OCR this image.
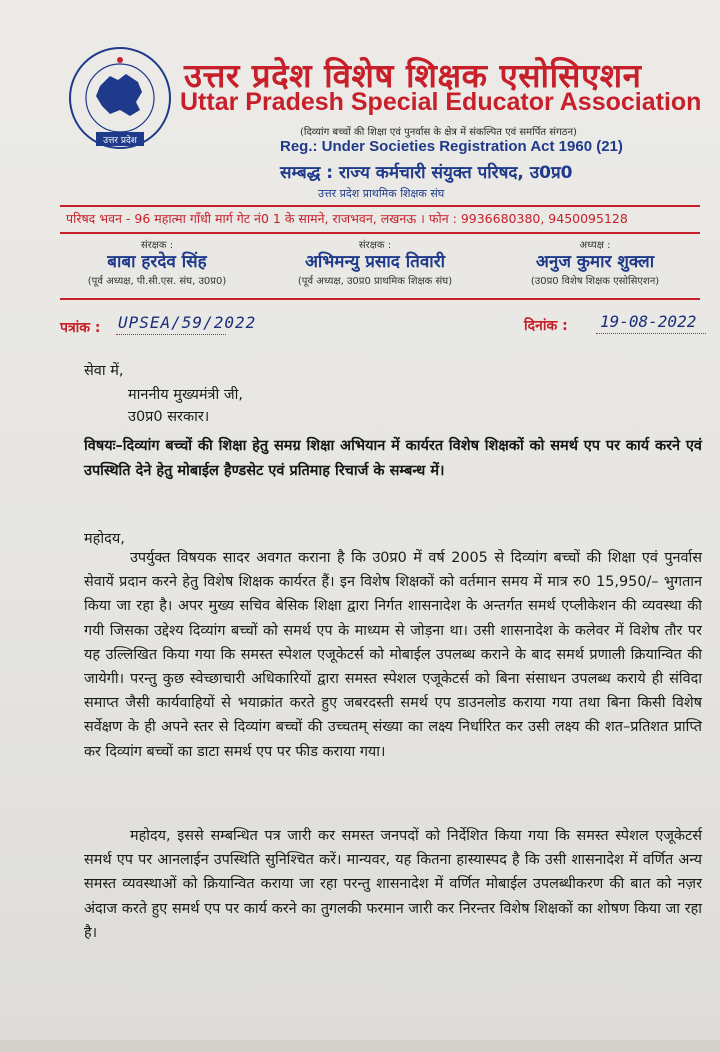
उत्तर प्रदेश
उत्तर प्रदेश विशेष शिक्षक एसोसिएशन
Uttar Pradesh Special Educator Association
(दिव्यांग बच्चों की शिक्षा एवं पुनर्वास के क्षेत्र में संकल्पित एवं समर्पित संगठन)
Reg.: Under Societies Registration Act 1960 (21)
सम्बद्ध : राज्य कर्मचारी संयुक्त परिषद, उ0प्र0
उत्तर प्रदेश प्राथमिक शिक्षक संघ
परिषद भवन - 96 महात्मा गाँधी मार्ग गेट नं0 1 के सामने, राजभवन, लखनऊ । फोन : 9936680380, 9450095128
संरक्षक :
बाबा हरदेव सिंह
(पूर्व अध्यक्ष, पी.सी.एस. संघ, उ0प्र0)
संरक्षक :
अभिमन्यु प्रसाद तिवारी
(पूर्व अध्यक्ष, उ0प्र0 प्राथमिक शिक्षक संघ)
अध्यक्ष :
अनुज कुमार शुक्ला
(उ0प्र0 विशेष शिक्षक एसोसिएशन)
पत्रांक : UPSEA/59/2022	दिनांक : 19-08-2022
सेवा में,
माननीय मुख्यमंत्री जी,
उ0प्र0 सरकार।
विषयः–दिव्यांग बच्चों की शिक्षा हेतु समग्र शिक्षा अभियान में कार्यरत विशेष शिक्षकों को समर्थ एप पर कार्य करने एवं उपस्थिति देने हेतु मोबाईल हैण्डसेट एवं प्रतिमाह रिचार्ज के सम्बन्ध में।
महोदय,
उपर्युक्त विषयक सादर अवगत कराना है कि उ0प्र0 में वर्ष 2005 से दिव्यांग बच्चों की शिक्षा एवं पुनर्वास सेवायें प्रदान करने हेतु विशेष शिक्षक कार्यरत हैं। इन विशेष शिक्षकों को वर्तमान समय में मात्र रु0 15,950/– भुगतान किया जा रहा है। अपर मुख्य सचिव बेसिक शिक्षा द्वारा निर्गत शासनादेश के अन्तर्गत समर्थ एप्लीकेशन की व्यवस्था की गयी जिसका उद्देश्य दिव्यांग बच्चों को समर्थ एप के माध्यम से जोड़ना था। उसी शासनादेश के कलेवर में विशेष तौर पर यह उल्लिखित किया गया कि समस्त स्पेशल एजूकेटर्स को मोबाईल उपलब्ध कराने के बाद समर्थ प्रणाली क्रियान्वित की जायेगी। परन्तु कुछ स्वेच्छाचारी अधिकारियों द्वारा समस्त स्पेशल एजूकेटर्स को बिना संसाधन उपलब्ध कराये ही संविदा समाप्त जैसी कार्यवाहियों से भयाक्रांत करते हुए जबरदस्ती समर्थ एप डाउनलोड कराया गया तथा बिना किसी विशेष सर्वेक्षण के ही अपने स्तर से दिव्यांग बच्चों की उच्चतम् संख्या का लक्ष्य निर्धारित कर उसी लक्ष्य की शत–प्रतिशत प्राप्ति कर दिव्यांग बच्चों का डाटा समर्थ एप पर फीड कराया गया।
महोदय, इससे सम्बन्धित पत्र जारी कर समस्त जनपदों को निर्देशित किया गया कि समस्त स्पेशल एजूकेटर्स समर्थ एप पर आनलाईन उपस्थिति सुनिश्चित करें। मान्यवर, यह कितना हास्यास्पद है कि उसी शासनादेश में वर्णित अन्य समस्त व्यवस्थाओं को क्रियान्वित कराया जा रहा परन्तु शासनादेश में वर्णित मोबाईल उपलब्धीकरण की बात को नज़र अंदाज करते हुए समर्थ एप पर कार्य करने का तुगलकी फरमान जारी कर निरन्तर विशेष शिक्षकों का शोषण किया जा रहा है।
